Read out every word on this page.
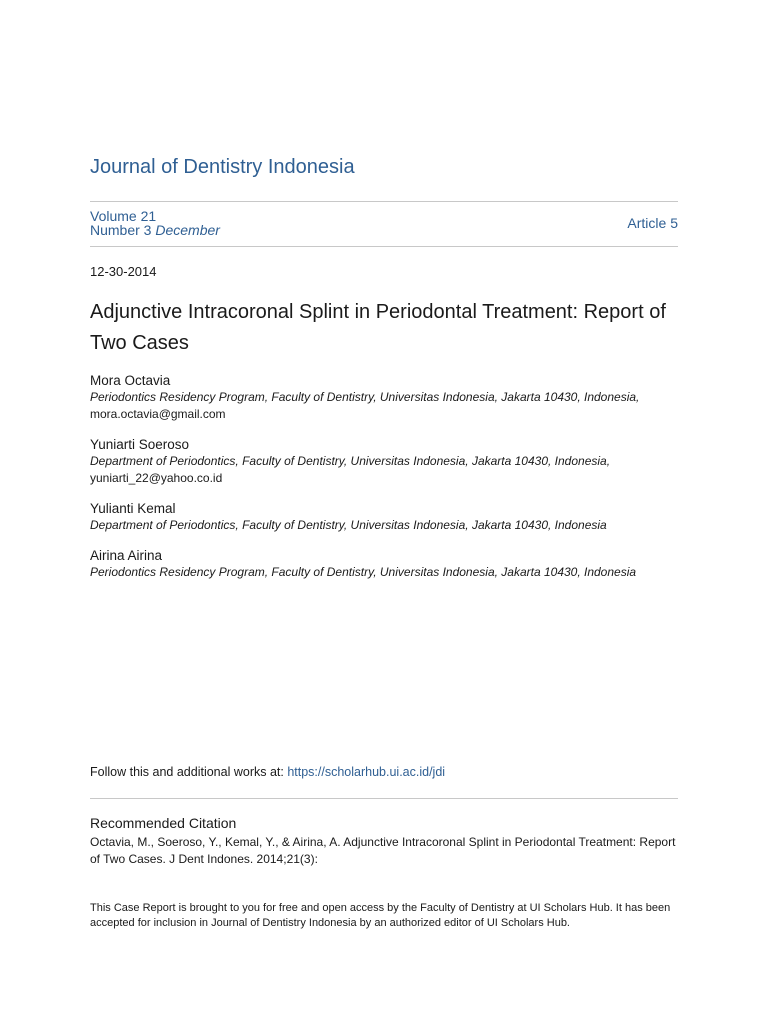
Journal of Dentistry Indonesia
Volume 21
Number 3 December	Article 5
12-30-2014
Adjunctive Intracoronal Splint in Periodontal Treatment: Report of Two Cases
Mora Octavia
Periodontics Residency Program, Faculty of Dentistry, Universitas Indonesia, Jakarta 10430, Indonesia,
mora.octavia@gmail.com
Yuniarti Soeroso
Department of Periodontics, Faculty of Dentistry, Universitas Indonesia, Jakarta 10430, Indonesia,
yuniarti_22@yahoo.co.id
Yulianti Kemal
Department of Periodontics, Faculty of Dentistry, Universitas Indonesia, Jakarta 10430, Indonesia
Airina Airina
Periodontics Residency Program, Faculty of Dentistry, Universitas Indonesia, Jakarta 10430, Indonesia
Follow this and additional works at: https://scholarhub.ui.ac.id/jdi
Recommended Citation
Octavia, M., Soeroso, Y., Kemal, Y., & Airina, A. Adjunctive Intracoronal Splint in Periodontal Treatment: Report of Two Cases. J Dent Indones. 2014;21(3):
This Case Report is brought to you for free and open access by the Faculty of Dentistry at UI Scholars Hub. It has been accepted for inclusion in Journal of Dentistry Indonesia by an authorized editor of UI Scholars Hub.
